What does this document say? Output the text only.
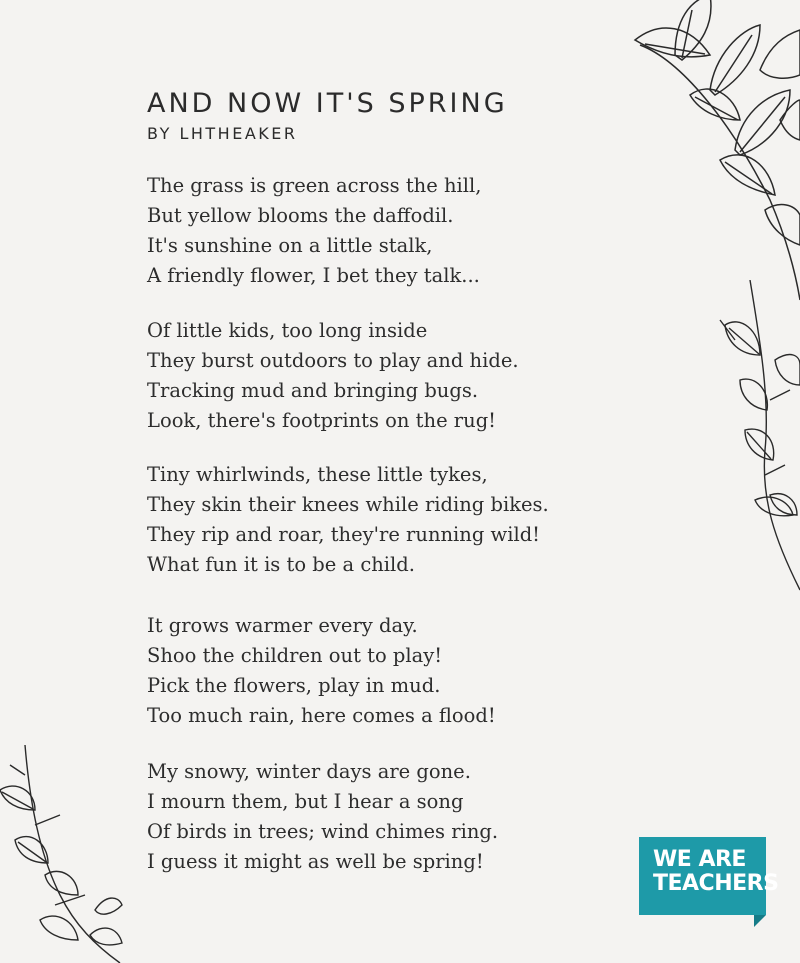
AND NOW IT'S SPRING
BY LHTHEAKER
The grass is green across the hill,
But yellow blooms the daffodil.
It's sunshine on a little stalk,
A friendly flower, I bet they talk...
Of little kids, too long inside
They burst outdoors to play and hide.
Tracking mud and bringing bugs.
Look, there's footprints on the rug!
Tiny whirlwinds, these little tykes,
They skin their knees while riding bikes.
They rip and roar, they're running wild!
What fun it is to be a child.
It grows warmer every day.
Shoo the children out to play!
Pick the flowers, play in mud.
Too much rain, here comes a flood!
My snowy, winter days are gone.
I mourn them, but I hear a song
Of birds in trees; wind chimes ring.
I guess it might as well be spring!	WE ARE
TEACHERS
